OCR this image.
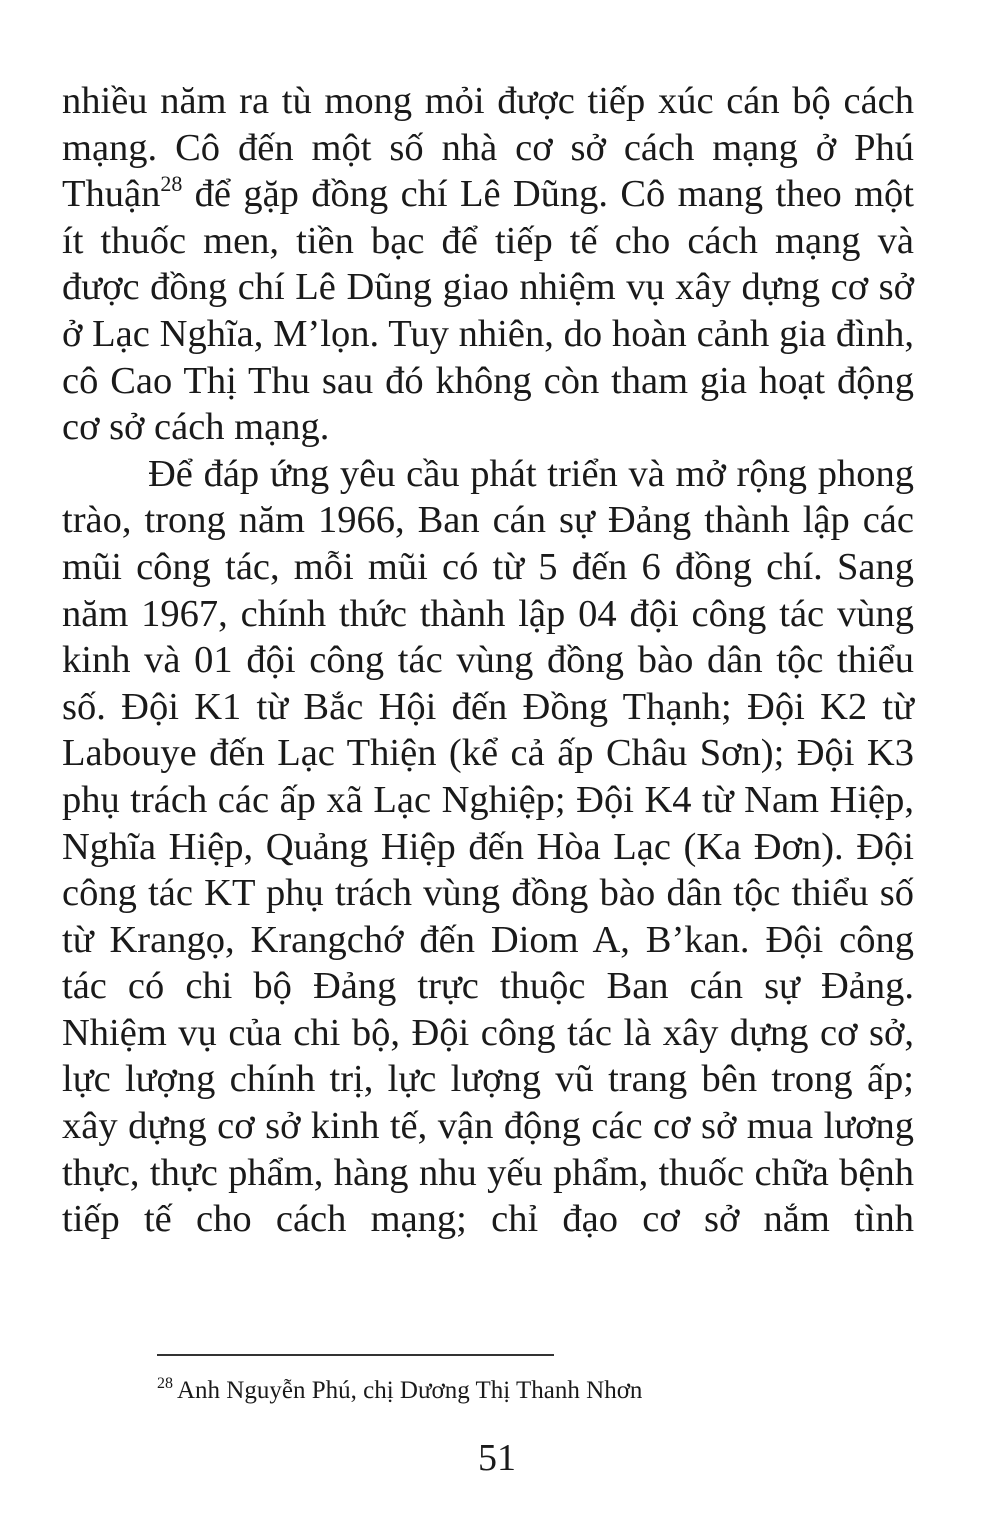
nhiều năm ra tù mong mỏi được tiếp xúc cán bộ cách mạng. Cô đến một số nhà cơ sở cách mạng ở Phú Thuận$^{28}$ để gặp đồng chí Lê Dũng. Cô mang theo một ít thuốc men, tiền bạc để tiếp tế cho cách mạng và được đồng chí Lê Dũng giao nhiệm vụ xây dựng cơ sở ở Lạc Nghĩa, M’lọn. Tuy nhiên, do hoàn cảnh gia đình, cô Cao Thị Thu sau đó không còn tham gia hoạt động cơ sở cách mạng.

Để đáp ứng yêu cầu phát triển và mở rộng phong trào, trong năm 1966, Ban cán sự Đảng thành lập các mũi công tác, mỗi mũi có từ 5 đến 6 đồng chí. Sang năm 1967, chính thức thành lập 04 đội công tác vùng kinh và 01 đội công tác vùng đồng bào dân tộc thiểu số. Đội K1 từ Bắc Hội đến Đồng Thạnh; Đội K2 từ Labouye đến Lạc Thiện (kể cả ấp Châu Sơn); Đội K3 phụ trách các ấp xã Lạc Nghiệp; Đội K4 từ Nam Hiệp, Nghĩa Hiệp, Quảng Hiệp đến Hòa Lạc (Ka Đơn). Đội công tác KT phụ trách vùng đồng bào dân tộc thiểu số từ Krangọ, Krangchớ đến Diom A, B’kan. Đội công tác có chi bộ Đảng trực thuộc Ban cán sự Đảng. Nhiệm vụ của chi bộ, Đội công tác là xây dựng cơ sở, lực lượng chính trị, lực lượng vũ trang bên trong ấp; xây dựng cơ sở kinh tế, vận động các cơ sở mua lương thực, thực phẩm, hàng nhu yếu phẩm, thuốc chữa bệnh tiếp tế cho cách mạng; chỉ đạo cơ sở nắm tình

$^{28}$ Anh Nguyễn Phú, chị Dương Thị Thanh Nhơn
51
